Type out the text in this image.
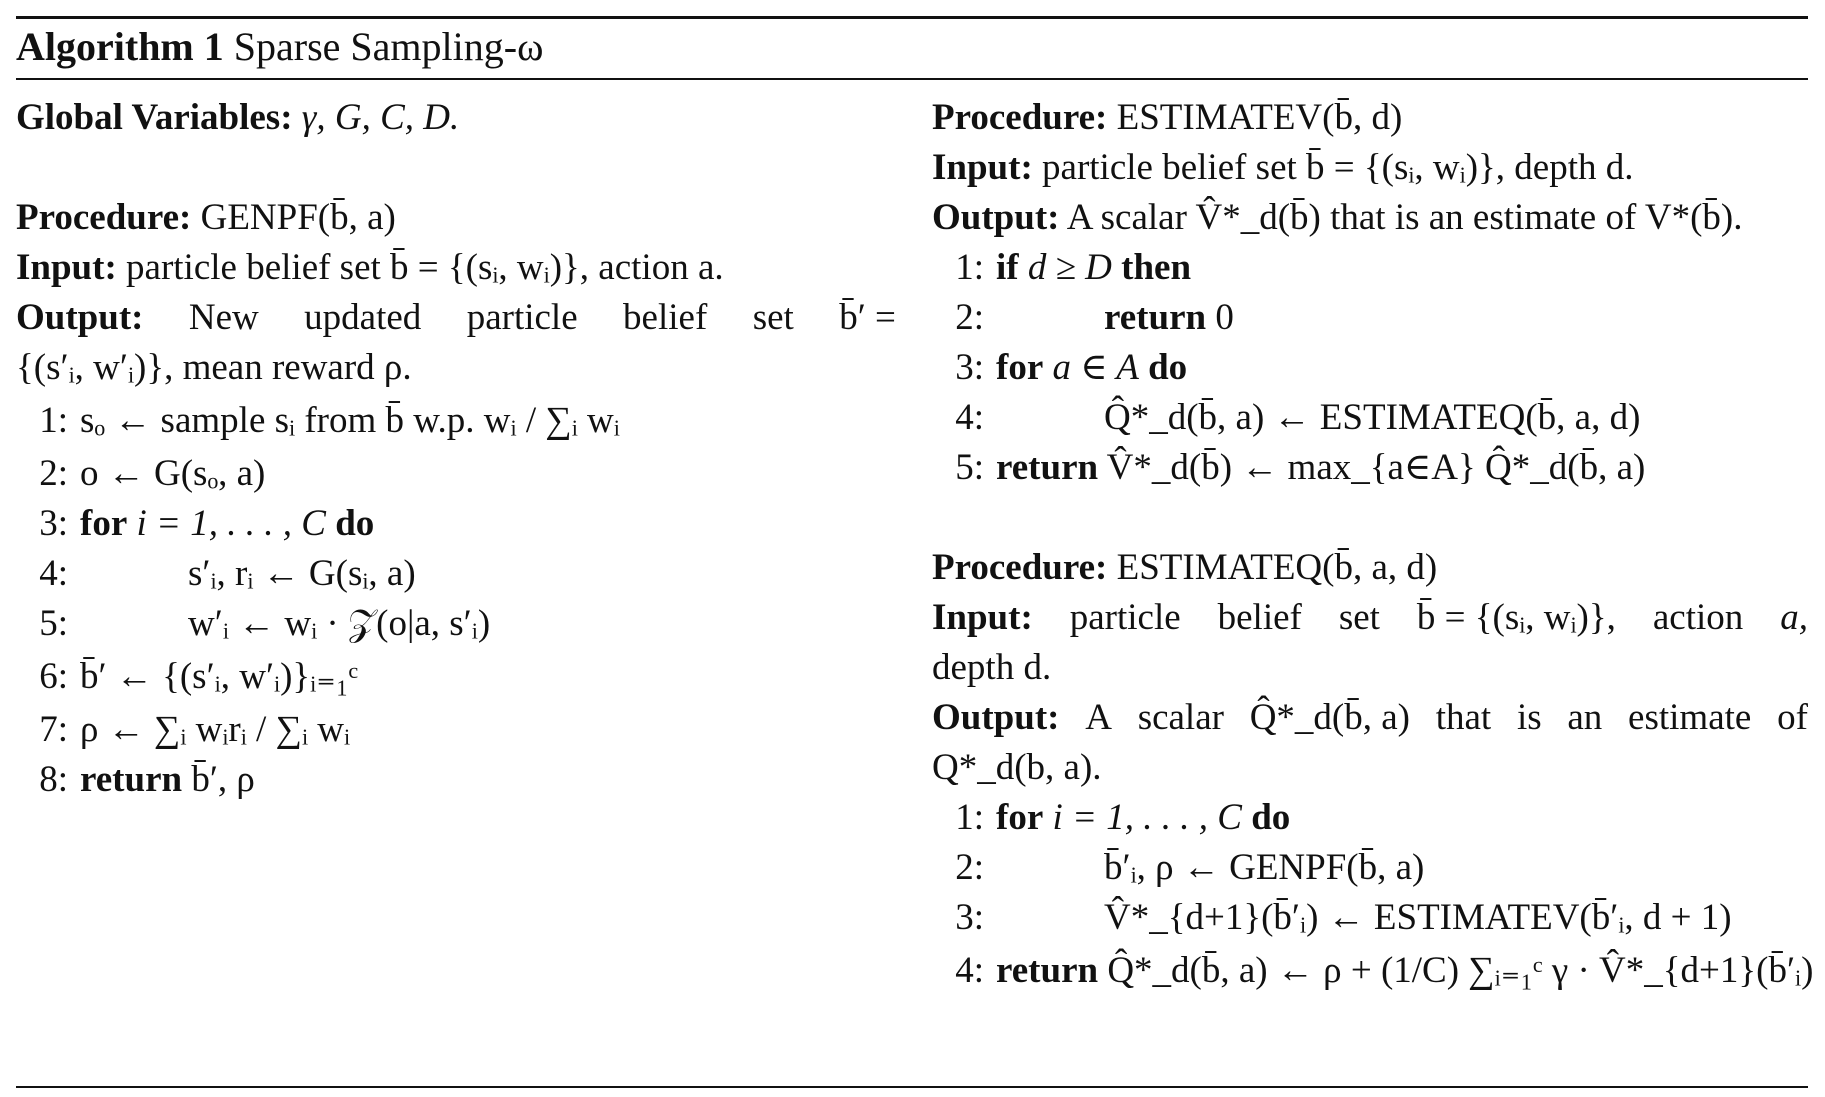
Algorithm 1 Sparse Sampling-ω
Global Variables: γ, G, C, D.
Procedure: GENPF(b̄, a)
Input: particle belief set b̄ = {(sᵢ, wᵢ)}, action a.
Output: New updated particle belief set b̄′ =
{(s′ᵢ, w′ᵢ)}, mean reward ρ.
1: sₒ ← sample sᵢ from b̄ w.p. wᵢ / ∑ᵢ wᵢ
2: o ← G(sₒ, a)
3: for i = 1, . . . , C do
4:	s′ᵢ, rᵢ ← G(sᵢ, a)
5:	w′ᵢ ← wᵢ · 𝒵(o|a, s′ᵢ)
6: b̄′ ← {(s′ᵢ, w′ᵢ)}ᵢ₌₁ᶜ
7: ρ ← ∑ᵢ wᵢrᵢ / ∑ᵢ wᵢ
8: return b̄′, ρ
Procedure: ESTIMATEV(b̄, d)
Input: particle belief set b̄ = {(sᵢ, wᵢ)}, depth d.
Output: A scalar V̂*_d(b̄) that is an estimate of V*(b̄).
1: if d ≥ D then
2:	return 0
3: for a ∈ A do
4:	Q̂*_d(b̄, a) ← ESTIMATEQ(b̄, a, d)
5: return V̂*_d(b̄) ← max_{a∈A} Q̂*_d(b̄, a)
Procedure: ESTIMATEQ(b̄, a, d)
Input: particle belief set b̄ = {(sᵢ, wᵢ)}, action a,
depth d.
Output: A scalar Q̂*_d(b̄, a) that is an estimate of
Q*_d(b, a).
1: for i = 1, . . . , C do
2:	b̄′ᵢ, ρ ← GENPF(b̄, a)
3:	V̂*_{d+1}(b̄′ᵢ) ← ESTIMATEV(b̄′ᵢ, d + 1)
4: return Q̂*_d(b̄, a) ← ρ + (1/C) ∑ᵢ₌₁ᶜ γ · V̂*_{d+1}(b̄′ᵢ)
